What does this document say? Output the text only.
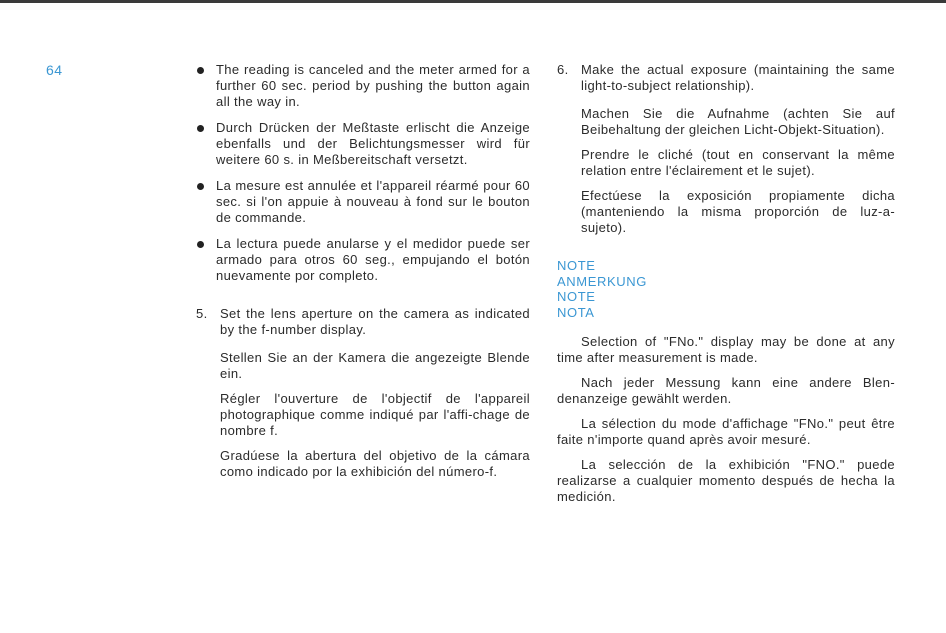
64	The reading is canceled and the meter armed for a further 60 sec. period by pushing the button again all the way in.

Durch Drücken der Meßtaste erlischt die Anzeige ebenfalls und der Belichtungsmesser wird für weitere 60 s. in Meßbereitschaft versetzt.

La mesure est annulée et l'appareil réarmé pour 60 sec. si l'on appuie à nouveau à fond sur le bouton de commande.

La lectura puede anularse y el medidor puede ser armado para otros 60 seg., empujando el botón nuevamente por completo.

5. Set the lens aperture on the camera as indicated by the f-number display.

Stellen Sie an der Kamera die angezeigte Blende ein.

Régler l'ouverture de l'objectif de l'appareil photographique comme indiqué par l'affi-chage de nombre f.

Gradúese la abertura del objetivo de la cámara como indicado por la exhibición del número-f.

6. Make the actual exposure (maintaining the same light-to-subject relationship).

Machen Sie die Aufnahme (achten Sie auf Beibehaltung der gleichen Licht-Objekt-Situation).

Prendre le cliché (tout en conservant la même relation entre l'éclairement et le sujet).

Efectúese la exposición propiamente dicha (manteniendo la misma proporción de luz-a-sujeto).

NOTE
ANMERKUNG
NOTE
NOTA

Selection of "FNo." display may be done at any time after measurement is made.

Nach jeder Messung kann eine andere Blen-denanzeige gewählt werden.

La sélection du mode d'affichage "FNo." peut être faite n'importe quand après avoir mesuré.

La selección de la exhibición "FNO." puede realizarse a cualquier momento después de hecha la medición.
